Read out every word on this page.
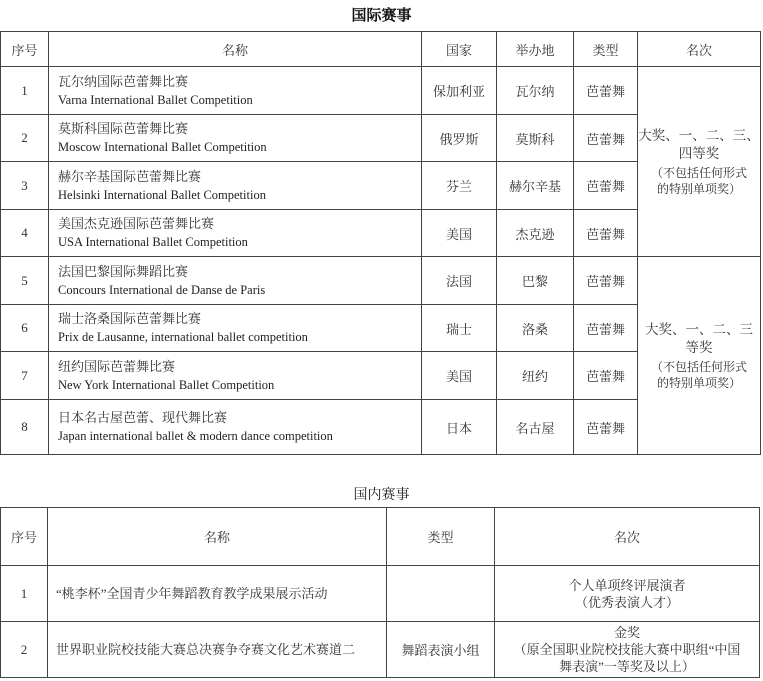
国际赛事
序号	名称	国家	举办地	类型	名次
1	瓦尔纳国际芭蕾舞比赛
Varna International Ballet Competition	保加利亚	瓦尔纳	芭蕾舞	大奖、一、二、三、
四等奖
（不包括任何形式
的特别单项奖）

2	莫斯科国际芭蕾舞比赛
Moscow International Ballet Competition	俄罗斯	莫斯科	芭蕾舞	
3	赫尔辛基国际芭蕾舞比赛
Helsinki International Ballet Competition	芬兰	赫尔辛基	芭蕾舞	
4	美国杰克逊国际芭蕾舞比赛
USA International Ballet Competition	美国	杰克逊	芭蕾舞	
5	法国巴黎国际舞蹈比赛
Concours International de Danse de Paris	法国	巴黎	芭蕾舞	大奖、一、二、三
等奖
（不包括任何形式
的特别单项奖）

6	瑞士洛桑国际芭蕾舞比赛
Prix de Lausanne, international ballet competition	瑞士	洛桑	芭蕾舞	
7	纽约国际芭蕾舞比赛
New York International Ballet Competition	美国	纽约	芭蕾舞	
8	日本名古屋芭蕾、现代舞比赛
Japan international ballet & modern dance competition	日本	名古屋	芭蕾舞	
国内赛事
序号	名称	类型	名次
1	“桃李杯”全国青少年舞蹈教育教学成果展示活动		个人单项终评展演者
（优秀表演人才）
2	世界职业院校技能大赛总决赛争夺赛文化艺术赛道二	舞蹈表演小组	金奖
（原全国职业院校技能大赛中职组“中国
舞表演”一等奖及以上）
